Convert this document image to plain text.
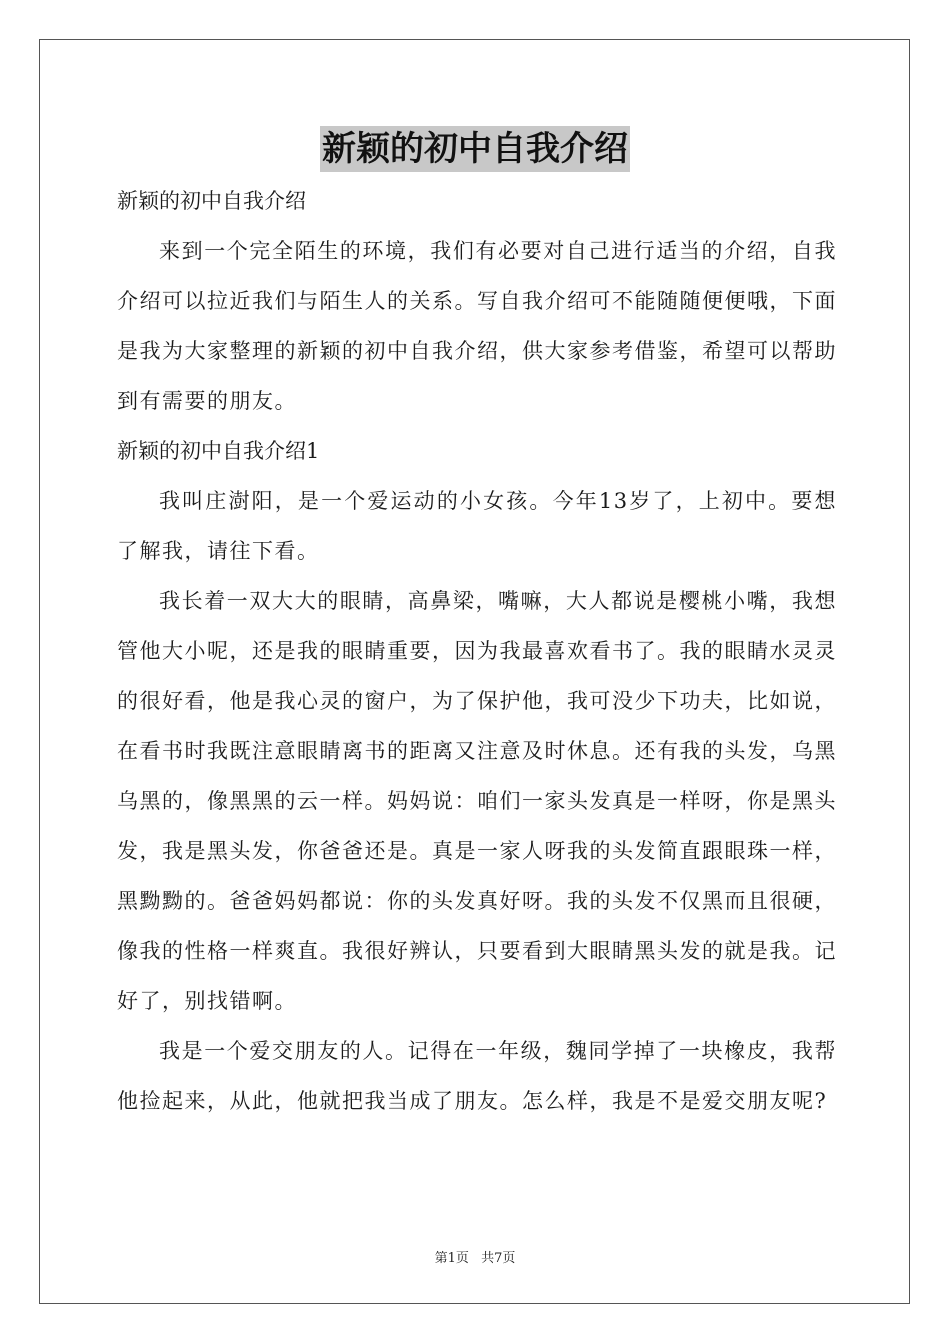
新颖的初中自我介绍

新颖的初中自我介绍

来到一个完全陌生的环境，我们有必要对自己进行适当的介绍，自我介绍可以拉近我们与陌生人的关系。写自我介绍可不能随随便便哦，下面是我为大家整理的新颖的初中自我介绍，供大家参考借鉴，希望可以帮助到有需要的朋友。

新颖的初中自我介绍1

我叫庄澍阳，是一个爱运动的小女孩。今年13岁了，上初中。要想了解我，请往下看。

我长着一双大大的眼睛，高鼻梁，嘴嘛，大人都说是樱桃小嘴，我想管他大小呢，还是我的眼睛重要，因为我最喜欢看书了。我的眼睛水灵灵的很好看，他是我心灵的窗户，为了保护他，我可没少下功夫，比如说，在看书时我既注意眼睛离书的距离又注意及时休息。还有我的头发，乌黑乌黑的，像黑黑的云一样。妈妈说：咱们一家头发真是一样呀，你是黑头发，我是黑头发，你爸爸还是。真是一家人呀我的头发简直跟眼珠一样，黑黝黝的。爸爸妈妈都说：你的头发真好呀。我的头发不仅黑而且很硬，像我的性格一样爽直。我很好辨认，只要看到大眼睛黑头发的就是我。记好了，别找错啊。

我是一个爱交朋友的人。记得在一年级，魏同学掉了一块橡皮，我帮他捡起来，从此，他就把我当成了朋友。怎么样，我是不是爱交朋友呢?

第1页 共7页
